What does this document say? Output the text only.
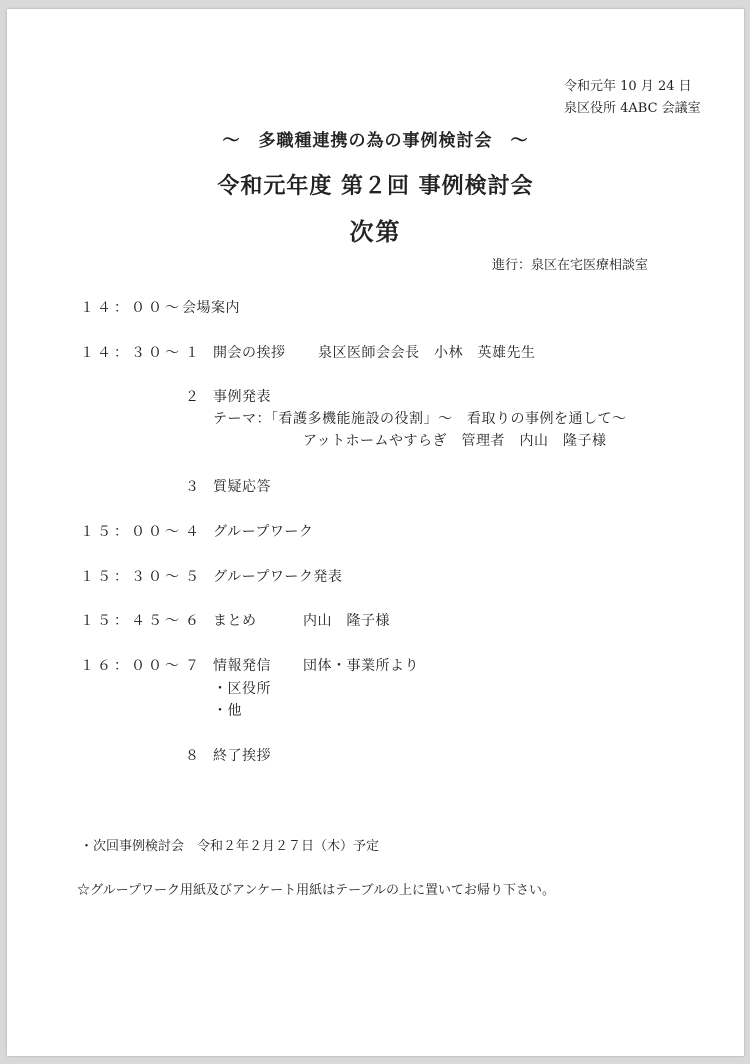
令和元年 10 月 24 日
泉区役所 4ABC 会議室
～　多職種連携の為の事例検討会　～
令和元年度 第２回 事例検討会
次第
進行：泉区在宅医療相談室
１４：００～ 会場案内
１４：３０～ １ 開会の挨拶 泉区医師会会長　小林　英雄先生
２ 事例発表
テーマ：「看護多機能施設の役割」～　看取りの事例を通して～
アットホームやすらぎ　管理者　内山　隆子様
３ 質疑応答
１５：００～ ４ グループワーク
１５：３０～ ５ グループワーク発表
１５：４５～ ６ まとめ	内山　隆子様
１６：００～ ７ 情報発信 団体・事業所より
・区役所
・他
８ 終了挨拶
・次回事例検討会　令和２年２月２７日（木）予定
☆グループワーク用紙及びアンケート用紙はテーブルの上に置いてお帰り下さい。
